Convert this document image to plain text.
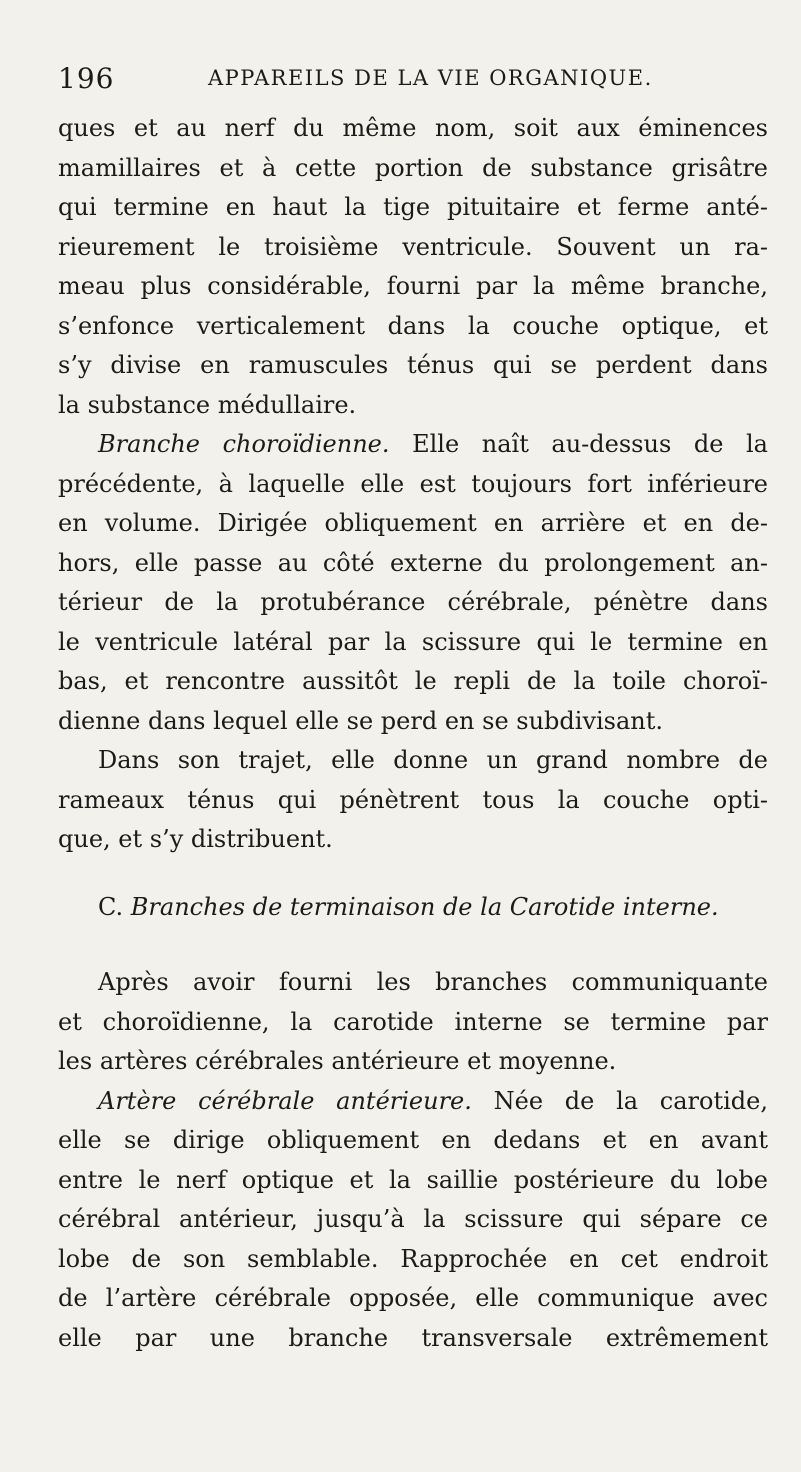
196	APPAREILS DE LA VIE ORGANIQUE.
ques et au nerf du même nom, soit aux éminences
mamillaires et à cette portion de substance grisâtre
qui termine en haut la tige pituitaire et ferme anté-
rieurement le troisième ventricule. Souvent un ra-
meau plus considérable, fourni par la même branche,
s’enfonce verticalement dans la couche optique, et
s’y divise en ramuscules ténus qui se perdent dans
la substance médullaire.
Branche choroïdienne. Elle naît au-dessus de la
précédente, à laquelle elle est toujours fort inférieure
en volume. Dirigée obliquement en arrière et en de-
hors, elle passe au côté externe du prolongement an-
térieur de la protubérance cérébrale, pénètre dans
le ventricule latéral par la scissure qui le termine en
bas, et rencontre aussitôt le repli de la toile choroï-
dienne dans lequel elle se perd en se subdivisant.
Dans son trajet, elle donne un grand nombre de
rameaux ténus qui pénètrent tous la couche opti-
que, et s’y distribuent.
C. Branches de terminaison de la Carotide interne.
Après avoir fourni les branches communiquante
et choroïdienne, la carotide interne se termine par
les artères cérébrales antérieure et moyenne.
Artère cérébrale antérieure. Née de la carotide,
elle se dirige obliquement en dedans et en avant
entre le nerf optique et la saillie postérieure du lobe
cérébral antérieur, jusqu’à la scissure qui sépare ce
lobe de son semblable. Rapprochée en cet endroit
de l’artère cérébrale opposée, elle communique avec
elle par une branche transversale extrêmement
